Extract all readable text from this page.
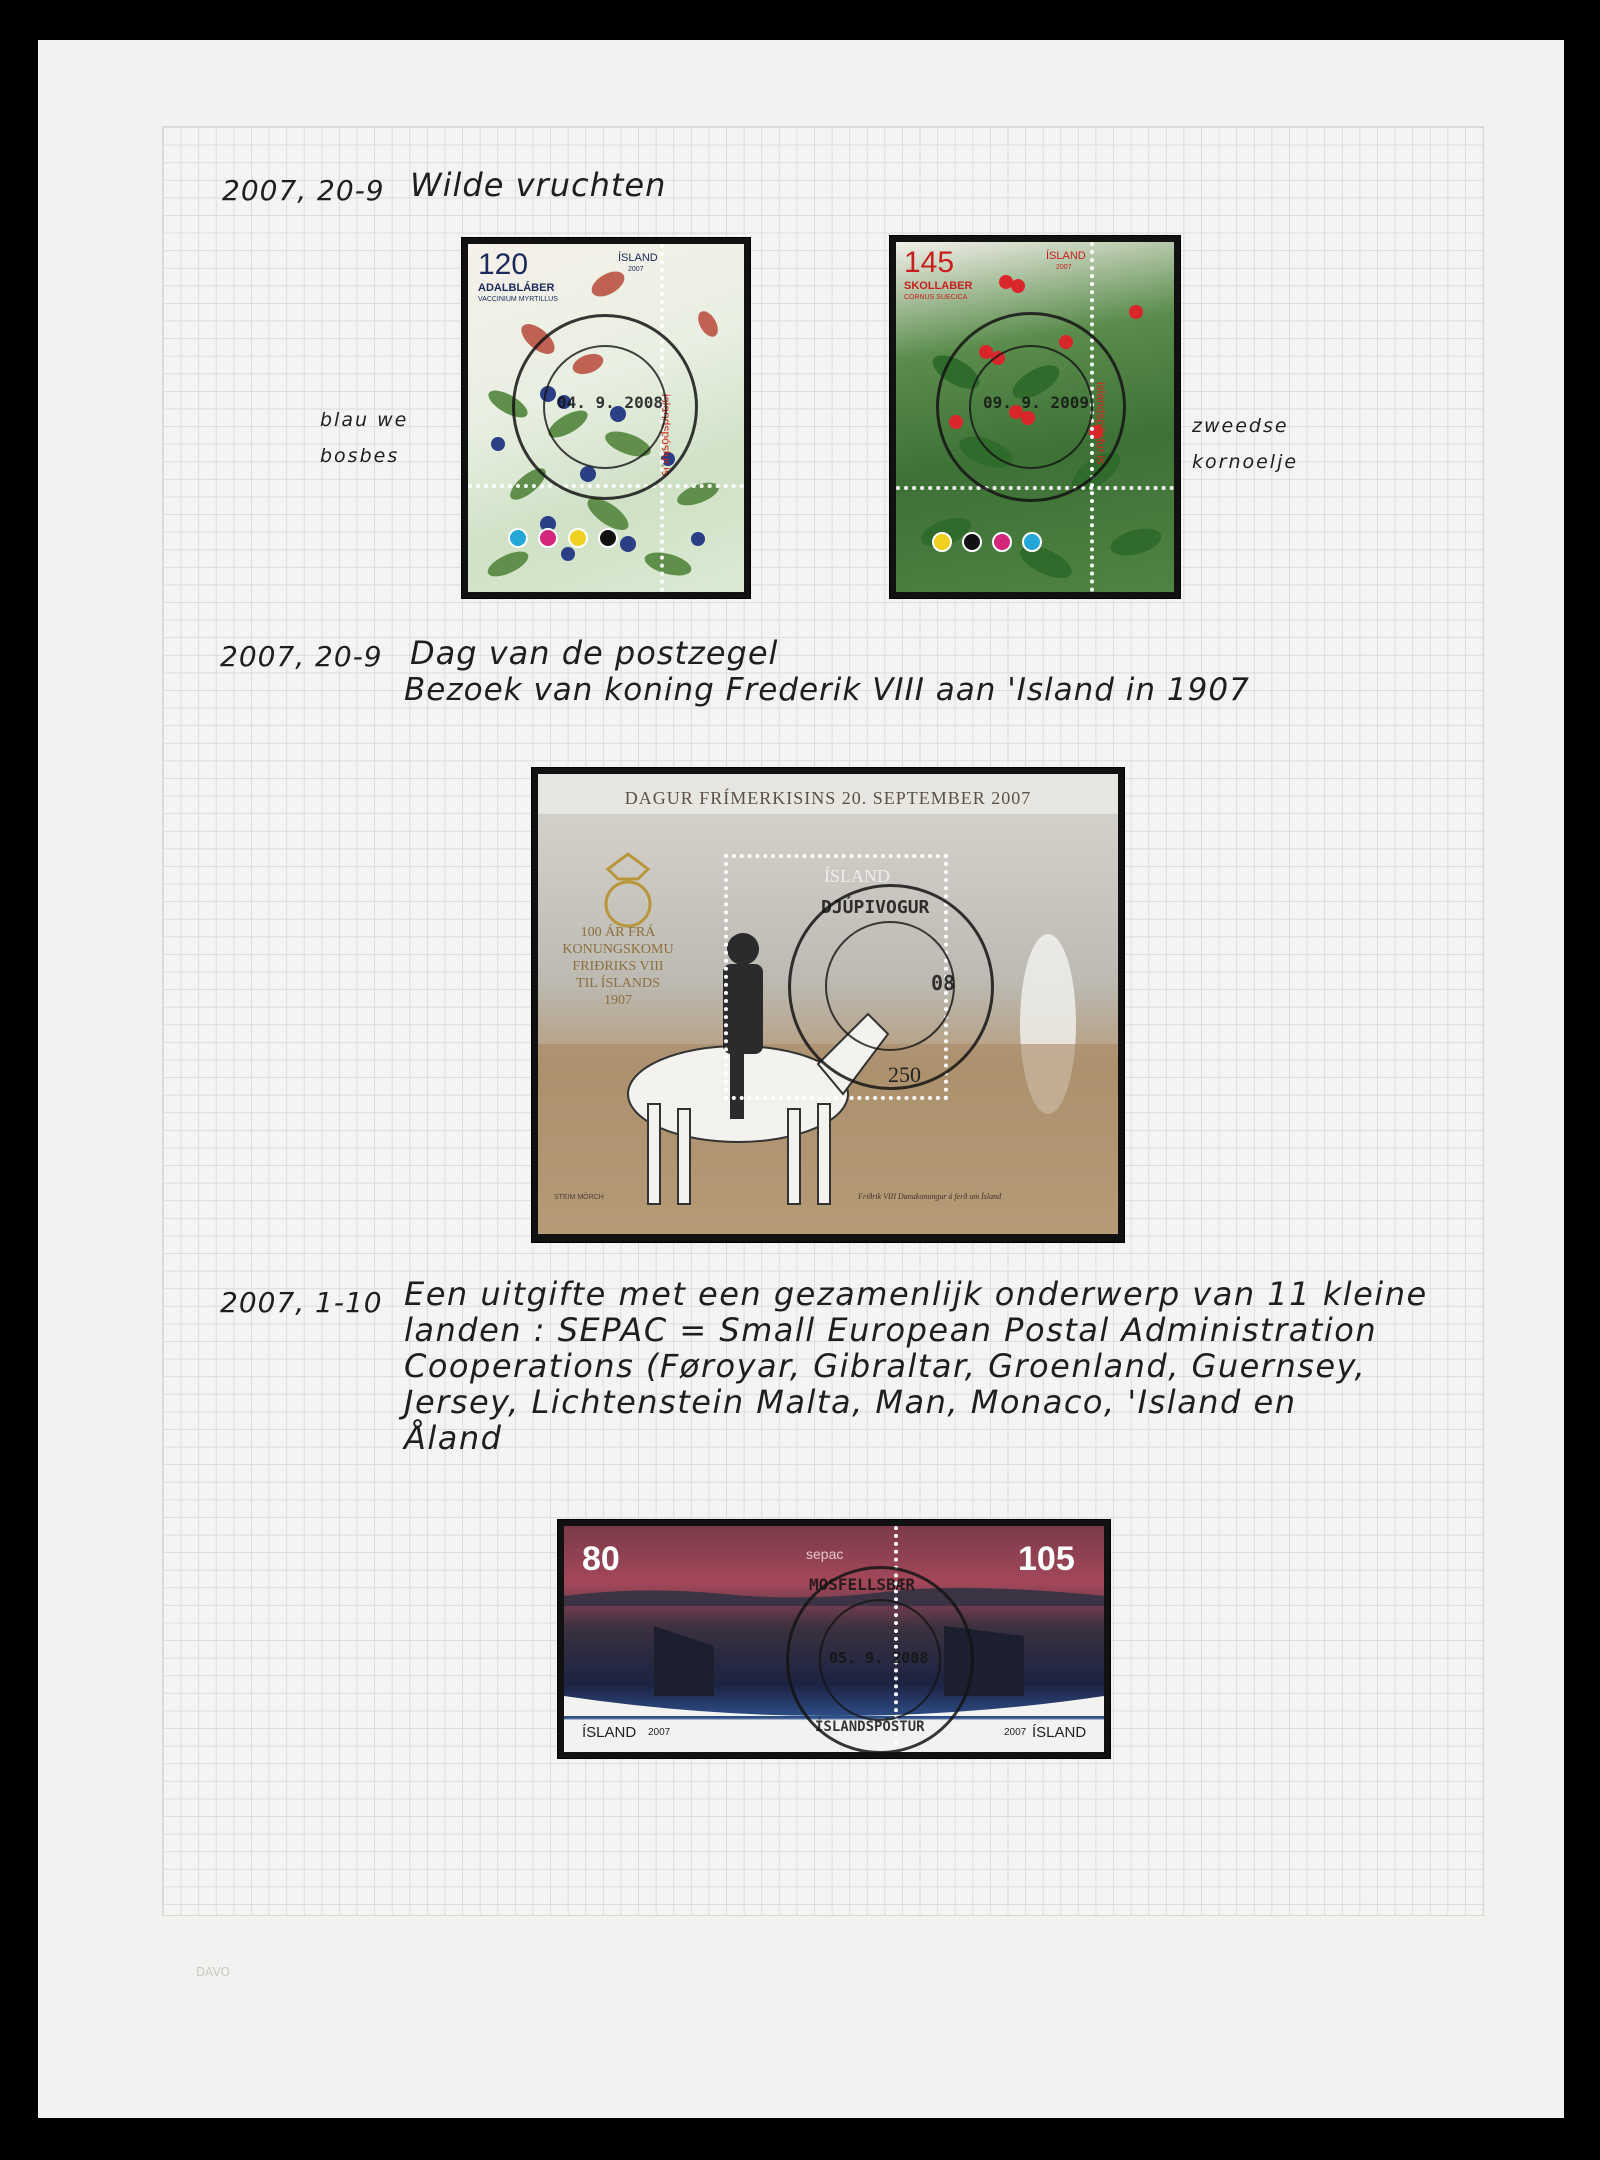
2007, 20-9 Wilde vruchten
blau we
bosbes
zweedse
kornoelje
120
ADALBLÁBER
VACCINIUM MYRTILLUS
ÍSLAND
2007
islandspóstur.is
04. 9. 2008
145
SKOLLABER
CORNUS SUECICA
ÍSLAND
2007
islandspóstur.is
09. 9. 2009
2007, 20-9 Dag van de postzegel
Bezoek van koning Frederik VIII aan 'Island in 1907
DAGUR FRÍMERKISINS 20. SEPTEMBER 2007
100 ÁR FRÁ
KONUNGSKOMU
FRIÐRIKS VIII
TIL ÍSLANDS
1907
ÍSLAND
250
DJÚPIVOGUR
08
STEIM MÖRCH	Friðrik VIII Danakonungur á ferð um Ísland
2007, 1-10 Een uitgifte met een gezamenlijk onderwerp van 11 kleine
landen : SEPAC = Small European Postal Administration
Cooperations (Føroyar, Gibraltar, Groenland, Guernsey,
Jersey, Lichtenstein Malta, Man, Monaco, 'Island en
Åland
80	105
sepac
ÍSLAND 2007	2007 ÍSLAND
MOSFELLSBÆR
05. 9. 2008
ÍSLANDSPÓSTUR
DAVO
